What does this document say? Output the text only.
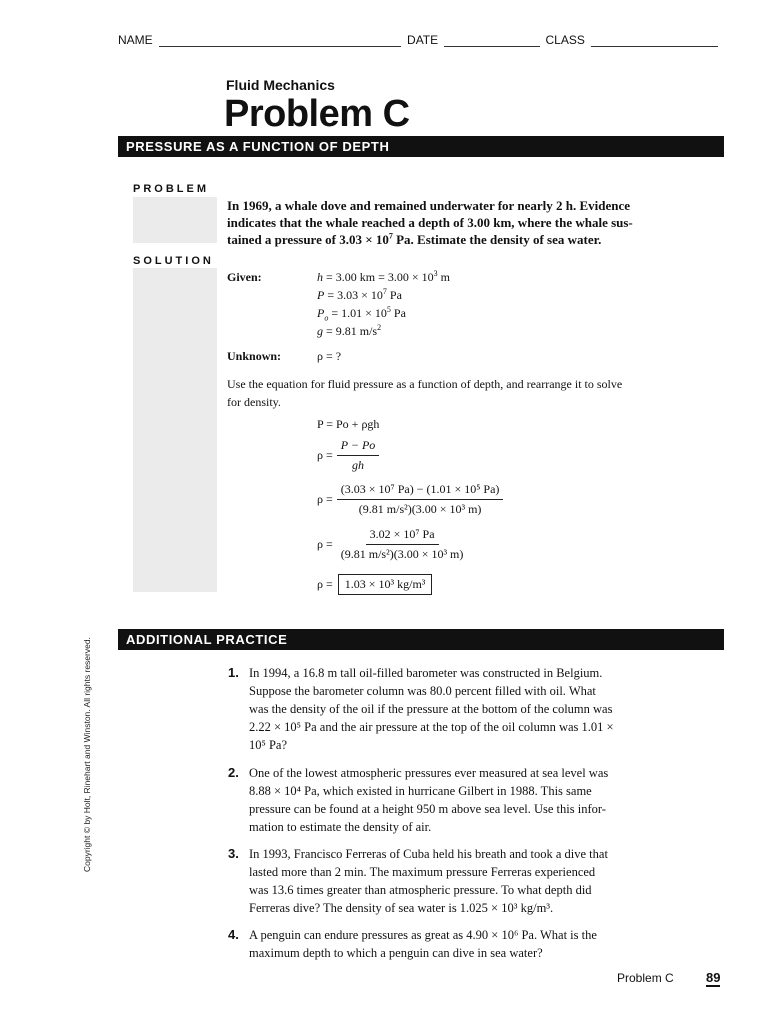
NAME	DATE	CLASS
Fluid Mechanics
Problem C
PRESSURE AS A FUNCTION OF DEPTH
PROBLEM
In 1969, a whale dove and remained underwater for nearly 2 h. Evidence
indicates that the whale reached a depth of 3.00 km, where the whale sus-
tained a pressure of $3.03 \times 10^7$ Pa. Estimate the density of sea water.
SOLUTION
Given:	h = 3.00 km = $3.00 \times 10^3$ m
$P = 3.03 \times 10^7$ Pa
$P_o = 1.01 \times 10^5$ Pa
g = 9.81 $m/s^2$
Unknown:	ρ = ?
Use the equation for fluid pressure as a function of depth, and rearrange it to solve
for density.
P = Po + ρgh
$\rho = \frac{P - Po}{gh}$
$\rho = \frac{\text{(3.03 × 10⁷ Pa) − (1.01 × 10⁵ Pa)}}{\text{(9.81 m/s²)(3.00 × 10³ m)}}$
$\rho = \frac{\text{3.02 × 10⁷ Pa}}{\text{(9.81 m/s²)(3.00 × 10³ m)}}$
ρ =	1.03 × 10³ kg/m³
ADDITIONAL PRACTICE
1. In 1994, a 16.8 m tall oil-filled barometer was constructed in Belgium.
Suppose the barometer column was 80.0 percent filled with oil. What
was the density of the oil if the pressure at the bottom of the column was
2.22 × 10⁵ Pa and the air pressure at the top of the oil column was 1.01 ×
10⁵ Pa?
2. One of the lowest atmospheric pressures ever measured at sea level was
8.88 × 10⁴ Pa, which existed in hurricane Gilbert in 1988. This same
pressure can be found at a height 950 m above sea level. Use this infor-
mation to estimate the density of air.
3. In 1993, Francisco Ferreras of Cuba held his breath and took a dive that
lasted more than 2 min. The maximum pressure Ferreras experienced
was 13.6 times greater than atmospheric pressure. To what depth did
Ferreras dive? The density of sea water is 1.025 × 10³ kg/m³.
4. A penguin can endure pressures as great as 4.90 × 10⁶ Pa. What is the
maximum depth to which a penguin can dive in sea water?
Copyright © by Holt, Rinehart and Winston. All rights reserved.
Problem C 89
